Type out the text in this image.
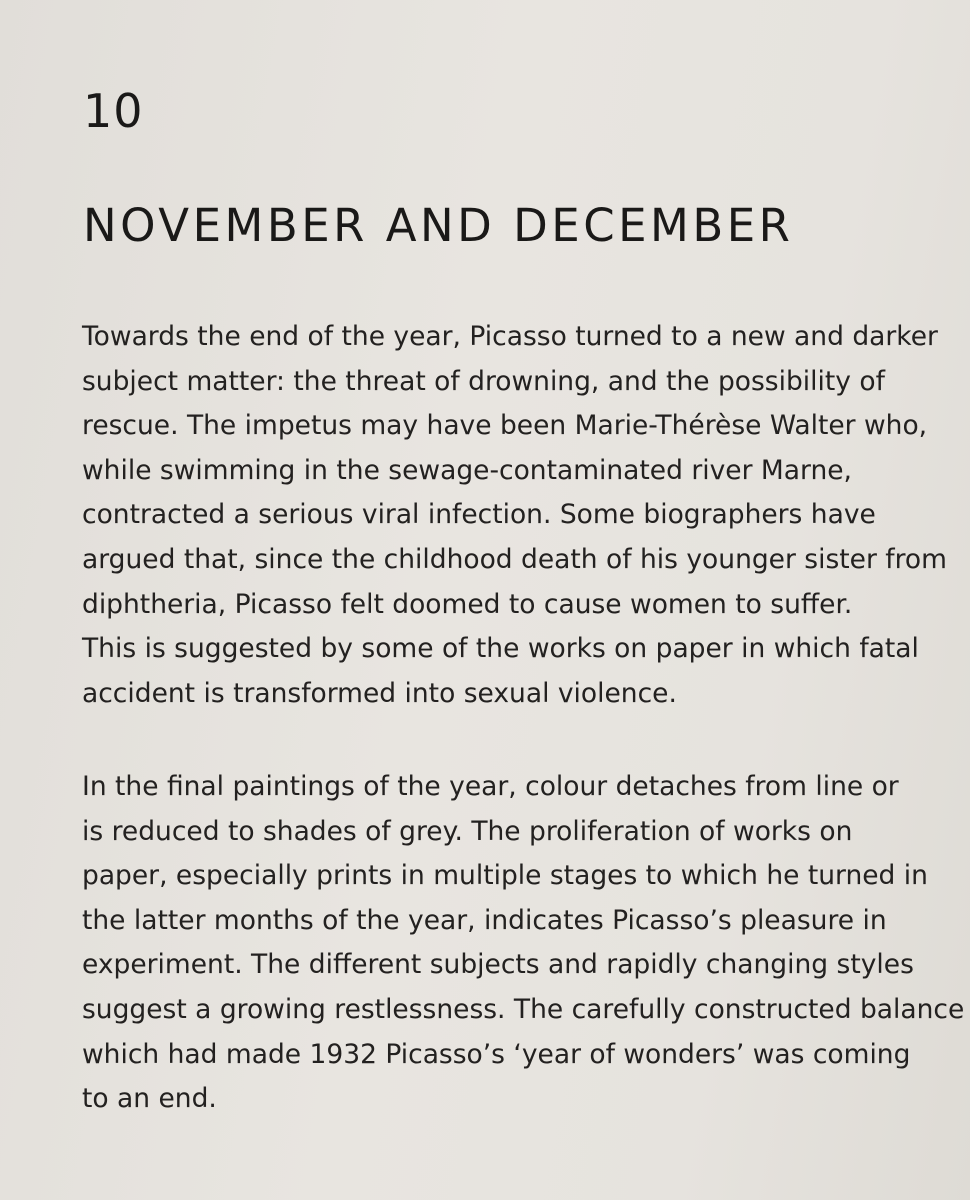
10
NOVEMBER AND DECEMBER
Towards the end of the year, Picasso turned to a new and darker
subject matter: the threat of drowning, and the possibility of
rescue. The impetus may have been Marie-Thérèse Walter who,
while swimming in the sewage-contaminated river Marne,
contracted a serious viral infection. Some biographers have
argued that, since the childhood death of his younger sister from
diphtheria, Picasso felt doomed to cause women to suffer.
This is suggested by some of the works on paper in which fatal
accident is transformed into sexual violence.
In the final paintings of the year, colour detaches from line or
is reduced to shades of grey. The proliferation of works on
paper, especially prints in multiple stages to which he turned in
the latter months of the year, indicates Picasso’s pleasure in
experiment. The different subjects and rapidly changing styles
suggest a growing restlessness. The carefully constructed balance
which had made 1932 Picasso’s ‘year of wonders’ was coming
to an end.
